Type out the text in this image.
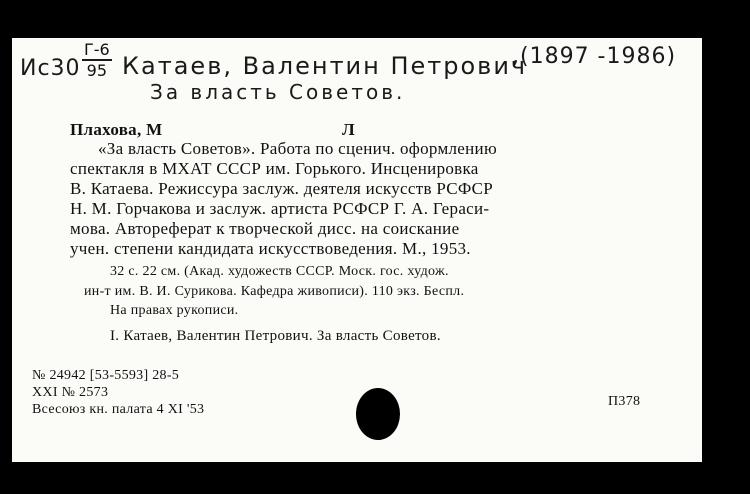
Ис30
Г-6
95 Катаев, Валентин Петрович
,(1897 -1986)
За власть Советов.
Плахова, М	Л
«За власть Советов». Работа по сценич. оформлению
спектакля в МХАТ СССР им. Горького. Инсценировка
В. Катаева. Режиссура заслуж. деятеля искусств РСФСР
Н. М. Горчакова и заслуж. артиста РСФСР Г. А. Гераси-
мова. Автореферат к творческой дисс. на соискание
учен. степени кандидата искусствоведения. М., 1953.
32 с. 22 см. (Акад. художеств СССР. Моск. гос. худож.
ин-т им. В. И. Сурикова. Кафедра живописи). 110 экз. Беспл.
На правах рукописи.
I. Катаев, Валентин Петрович. За власть Советов.
№ 24942 [53-5593] 28-5
XXI № 2573
Всесоюз кн. палата 4 XI '53
П378
